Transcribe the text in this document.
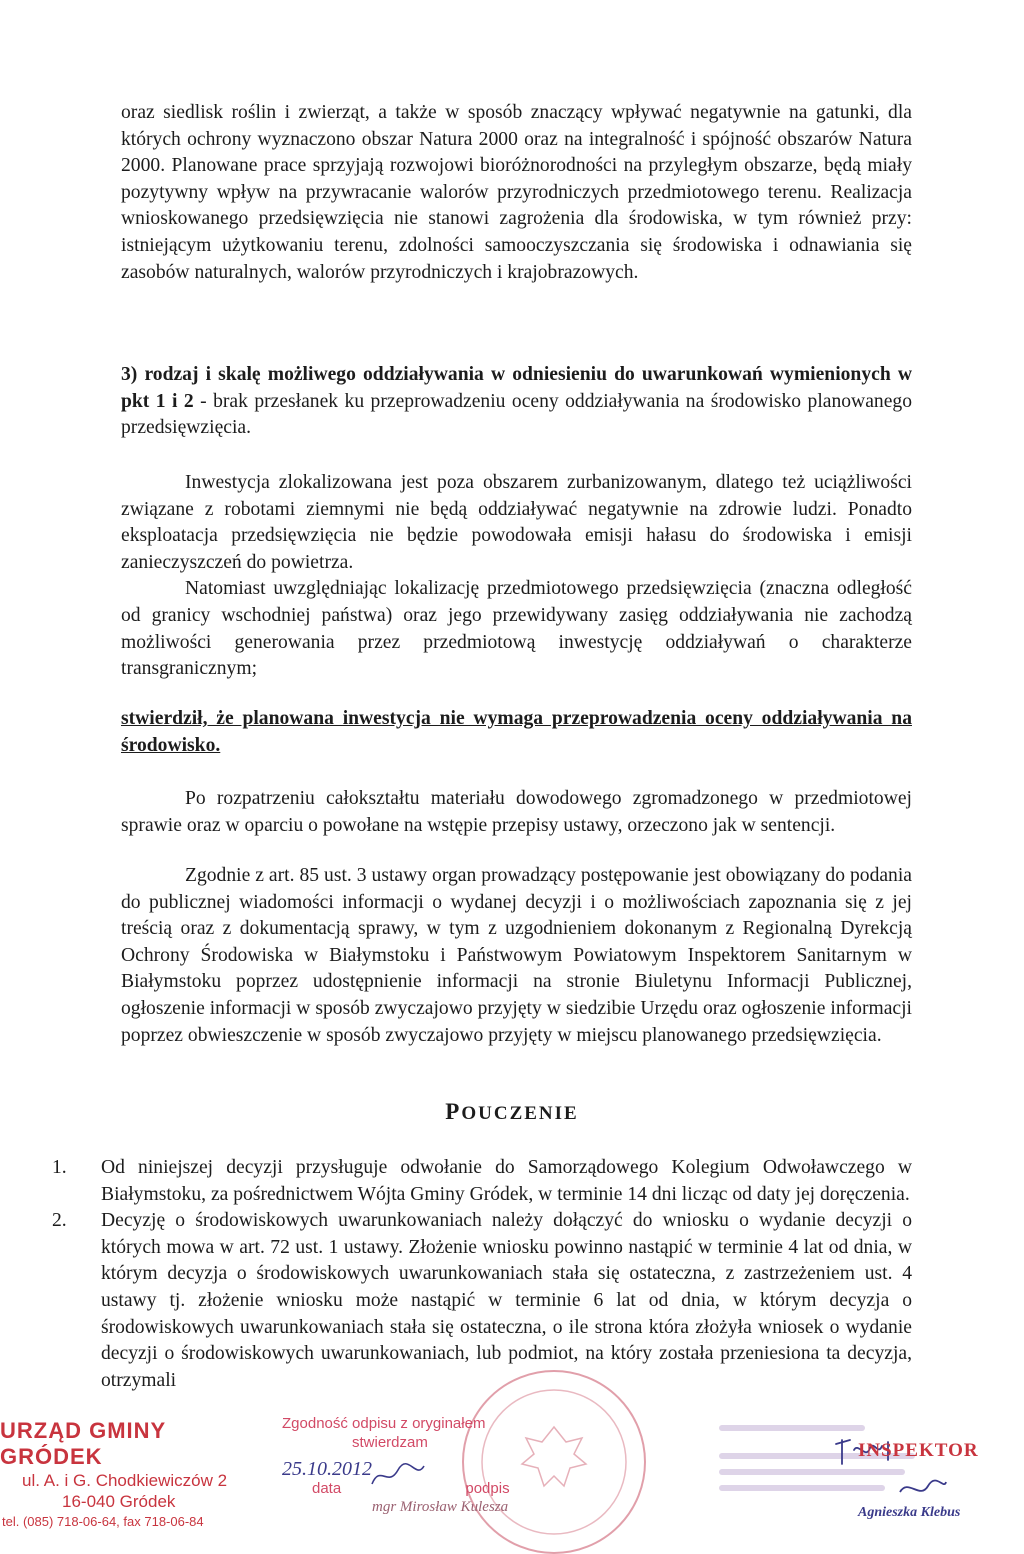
oraz siedlisk roślin i zwierząt, a także w sposób znaczący wpływać negatywnie na gatunki, dla których ochrony wyznaczono obszar Natura 2000 oraz na integralność i spójność obszarów Natura 2000. Planowane prace sprzyjają rozwojowi bioróżnorodności na przyległym obszarze, będą miały pozytywny wpływ na przywracanie walorów przyrodniczych przedmiotowego terenu. Realizacja wnioskowanego przedsięwzięcia nie stanowi zagrożenia dla środowiska, w tym również przy: istniejącym użytkowaniu terenu, zdolności samooczyszczania się środowiska i odnawiania się zasobów naturalnych, walorów przyrodniczych i krajobrazowych.

3) rodzaj i skalę możliwego oddziaływania w odniesieniu do uwarunkowań wymienionych w pkt 1 i 2 - brak przesłanek ku przeprowadzeniu oceny oddziaływania na środowisko planowanego przedsięwzięcia.

Inwestycja zlokalizowana jest poza obszarem zurbanizowanym, dlatego też uciążliwości związane z robotami ziemnymi nie będą oddziaływać negatywnie na zdrowie ludzi. Ponadto eksploatacja przedsięwzięcia nie będzie powodowała emisji hałasu do środowiska i emisji zanieczyszczeń do powietrza.

Natomiast uwzględniając lokalizację przedmiotowego przedsięwzięcia (znaczna odległość od granicy wschodniej państwa) oraz jego przewidywany zasięg oddziaływania nie zachodzą możliwości generowania przez przedmiotową inwestycję oddziaływań o charakterze transgranicznym;

stwierdził, że planowana inwestycja nie wymaga przeprowadzenia oceny oddziaływania na środowisko.

Po rozpatrzeniu całokształtu materiału dowodowego zgromadzonego w przedmiotowej sprawie oraz w oparciu o powołane na wstępie przepisy ustawy, orzeczono jak w sentencji.

Zgodnie z art. 85 ust. 3 ustawy organ prowadzący postępowanie jest obowiązany do podania do publicznej wiadomości informacji o wydanej decyzji i o możliwościach zapoznania się z jej treścią oraz z dokumentacją sprawy, w tym z uzgodnieniem dokonanym z Regionalną Dyrekcją Ochrony Środowiska w Białymstoku i Państwowym Powiatowym Inspektorem Sanitarnym w Białymstoku poprzez udostępnienie informacji na stronie Biuletynu Informacji Publicznej, ogłoszenie informacji w sposób zwyczajowo przyjęty w siedzibie Urzędu oraz ogłoszenie informacji poprzez obwieszczenie w sposób zwyczajowo przyjęty w miejscu planowanego przedsięwzięcia.

POUCZENIE
1.	Od niniejszej decyzji przysługuje odwołanie do Samorządowego Kolegium Odwoławczego w Białymstoku, za pośrednictwem Wójta Gminy Gródek, w terminie 14 dni licząc od daty jej doręczenia.
2.	Decyzję o środowiskowych uwarunkowaniach należy dołączyć do wniosku o wydanie decyzji o których mowa w art. 72 ust. 1 ustawy. Złożenie wniosku powinno nastąpić w terminie 4 lat od dnia, w którym decyzja o środowiskowych uwarunkowaniach stała się ostateczna, z zastrzeżeniem ust. 4 ustawy tj. złożenie wniosku może nastąpić w terminie 6 lat od dnia, w którym decyzja o środowiskowych uwarunkowaniach stała się ostateczna, o ile strona która złożyła wniosek o wydanie decyzji o środowiskowych uwarunkowaniach, lub podmiot, na który została przeniesiona ta decyzja, otrzymali
URZĄD GMINY GRÓDEK
ul. A. i G. Chodkiewiczów 2
16-040 Gródek
tel. (085) 718-06-64, fax 718-06-84
Zgodność odpisu z oryginałem
stwierdzam
25.10.2012
data	podpis
mgr Mirosław Kulesza
INSPEKTOR
Agnieszka Klebus
